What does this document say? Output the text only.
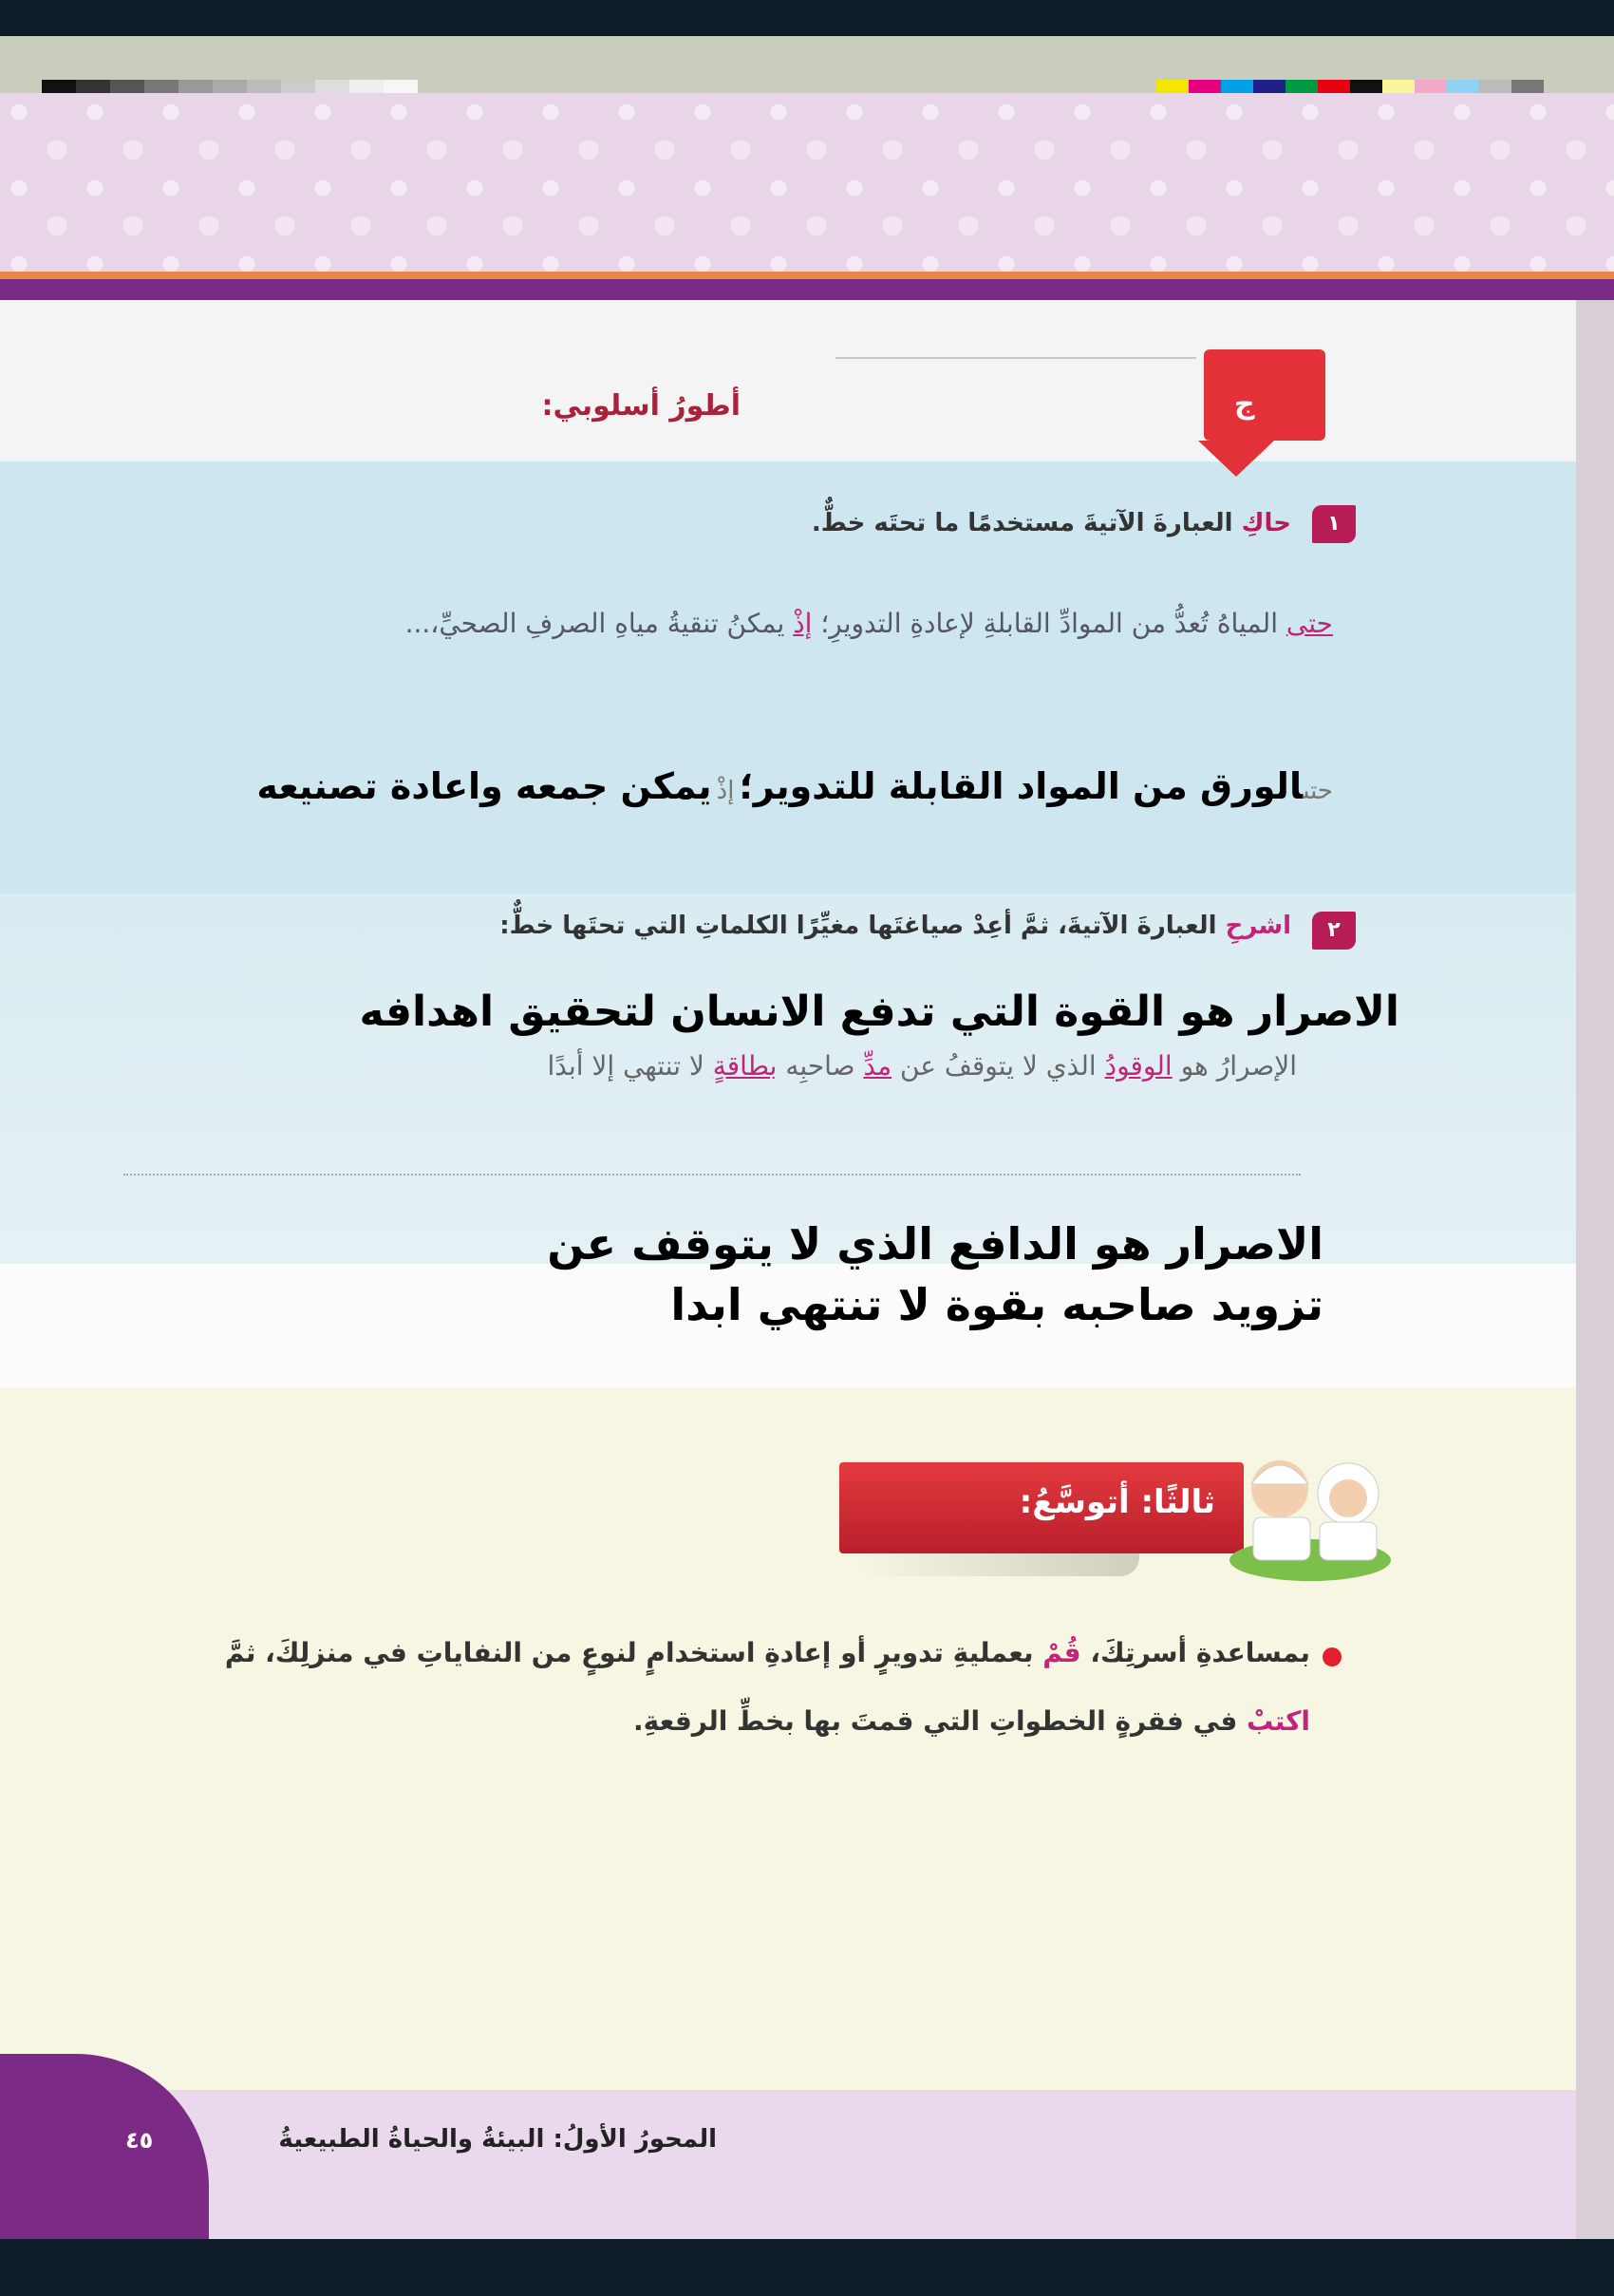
ج
أطورُ أسلوبي:
١
حاكِ العبارةَ الآتيةَ مستخدمًا ما تحتَه خطٌّ.
حتى المياهُ تُعدُّ من الموادِّ القابلةِ لإعادةِ التدويرِ؛ إذْ يمكنُ تنقيةُ مياهِ الصرفِ الصحيِّ،...
حتىالورق من المواد القابلة للتدوير؛ إذْ يمكن جمعه واعادة تصنيعه
٢
اشرحِ العبارةَ الآتيةَ، ثمَّ أعِدْ صياغتَها مغيِّرًا الكلماتِ التي تحتَها خطٌّ:
الاصرار هو القوة التي تدفع الانسان لتحقيق اهدافه
الإصرارُ هو الوقودُ الذي لا يتوقفُ عن مدِّ صاحبِه بطاقةٍ لا تنتهي إلا أبدًا
الاصرار هو الدافع الذي لا يتوقف عن
تزويد صاحبه بقوة لا تنتهي ابدا
ثالثًا: أتوسَّعُ:
بمساعدةِ أسرتِكَ، قُمْ بعمليةِ تدويرٍ أو إعادةِ استخدامٍ لنوعٍ من النفاياتِ في منزلِكَ، ثمَّ
اكتبْ في فقرةٍ الخطواتِ التي قمتَ بها بخطِّ الرقعةِ.
٤٥	المحورُ الأولُ: البيئةُ والحياةُ الطبيعيةُ
